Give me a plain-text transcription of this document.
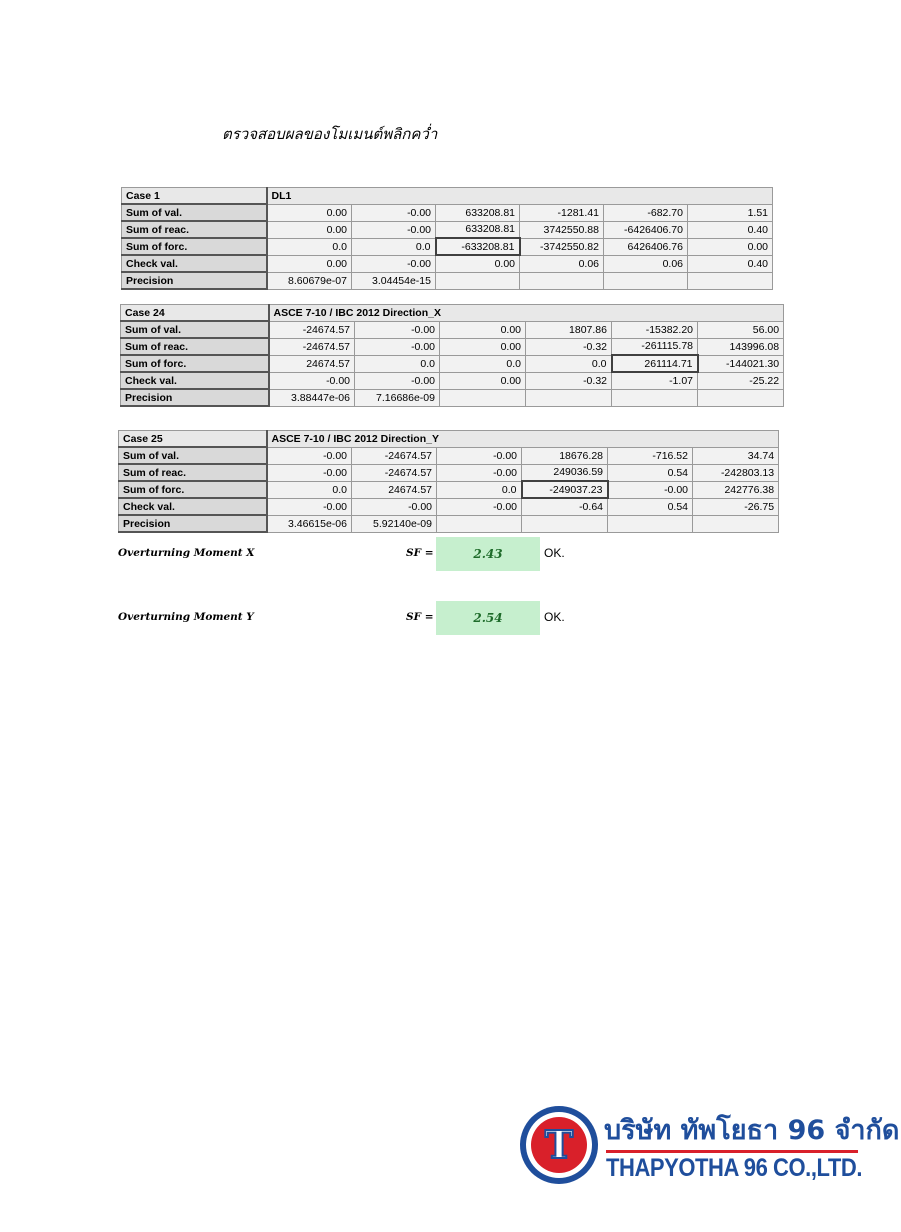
ตรวจสอบผลของโมเมนต์พลิกคว่ำ
Case 1	DL1					
Sum of val.	0.00	-0.00	633208.81	-1281.41	-682.70	1.51
Sum of reac.	0.00	-0.00	633208.81	3742550.88	-6426406.70	0.40
Sum of forc.	0.0	0.0	-633208.81	-3742550.82	6426406.76	0.00
Check val.	0.00	-0.00	0.00	0.06	0.06	0.40
Precision	8.60679e-07	3.04454e-15				
Case 24	ASCE 7-10 / IBC 2012 Direction_X					
Sum of val.	-24674.57	-0.00	0.00	1807.86	-15382.20	56.00
Sum of reac.	-24674.57	-0.00	0.00	-0.32	-261115.78	143996.08
Sum of forc.	24674.57	0.0	0.0	0.0	261114.71	-144021.30
Check val.	-0.00	-0.00	0.00	-0.32	-1.07	-25.22
Precision	3.88447e-06	7.16686e-09				
Case 25	ASCE 7-10 / IBC 2012 Direction_Y					
Sum of val.	-0.00	-24674.57	-0.00	18676.28	-716.52	34.74
Sum of reac.	-0.00	-24674.57	-0.00	249036.59	0.54	-242803.13
Sum of forc.	0.0	24674.57	0.0	-249037.23	-0.00	242776.38
Check val.	-0.00	-0.00	-0.00	-0.64	0.54	-26.75
Precision	3.46615e-06	5.92140e-09				
Overturning Moment X	SF =	2.43	OK.
Overturning Moment Y	SF =	2.54	OK.
T บริษัท ทัพโยธา 96 จำกัด
THAPYOTHA 96 CO.,LTD.
